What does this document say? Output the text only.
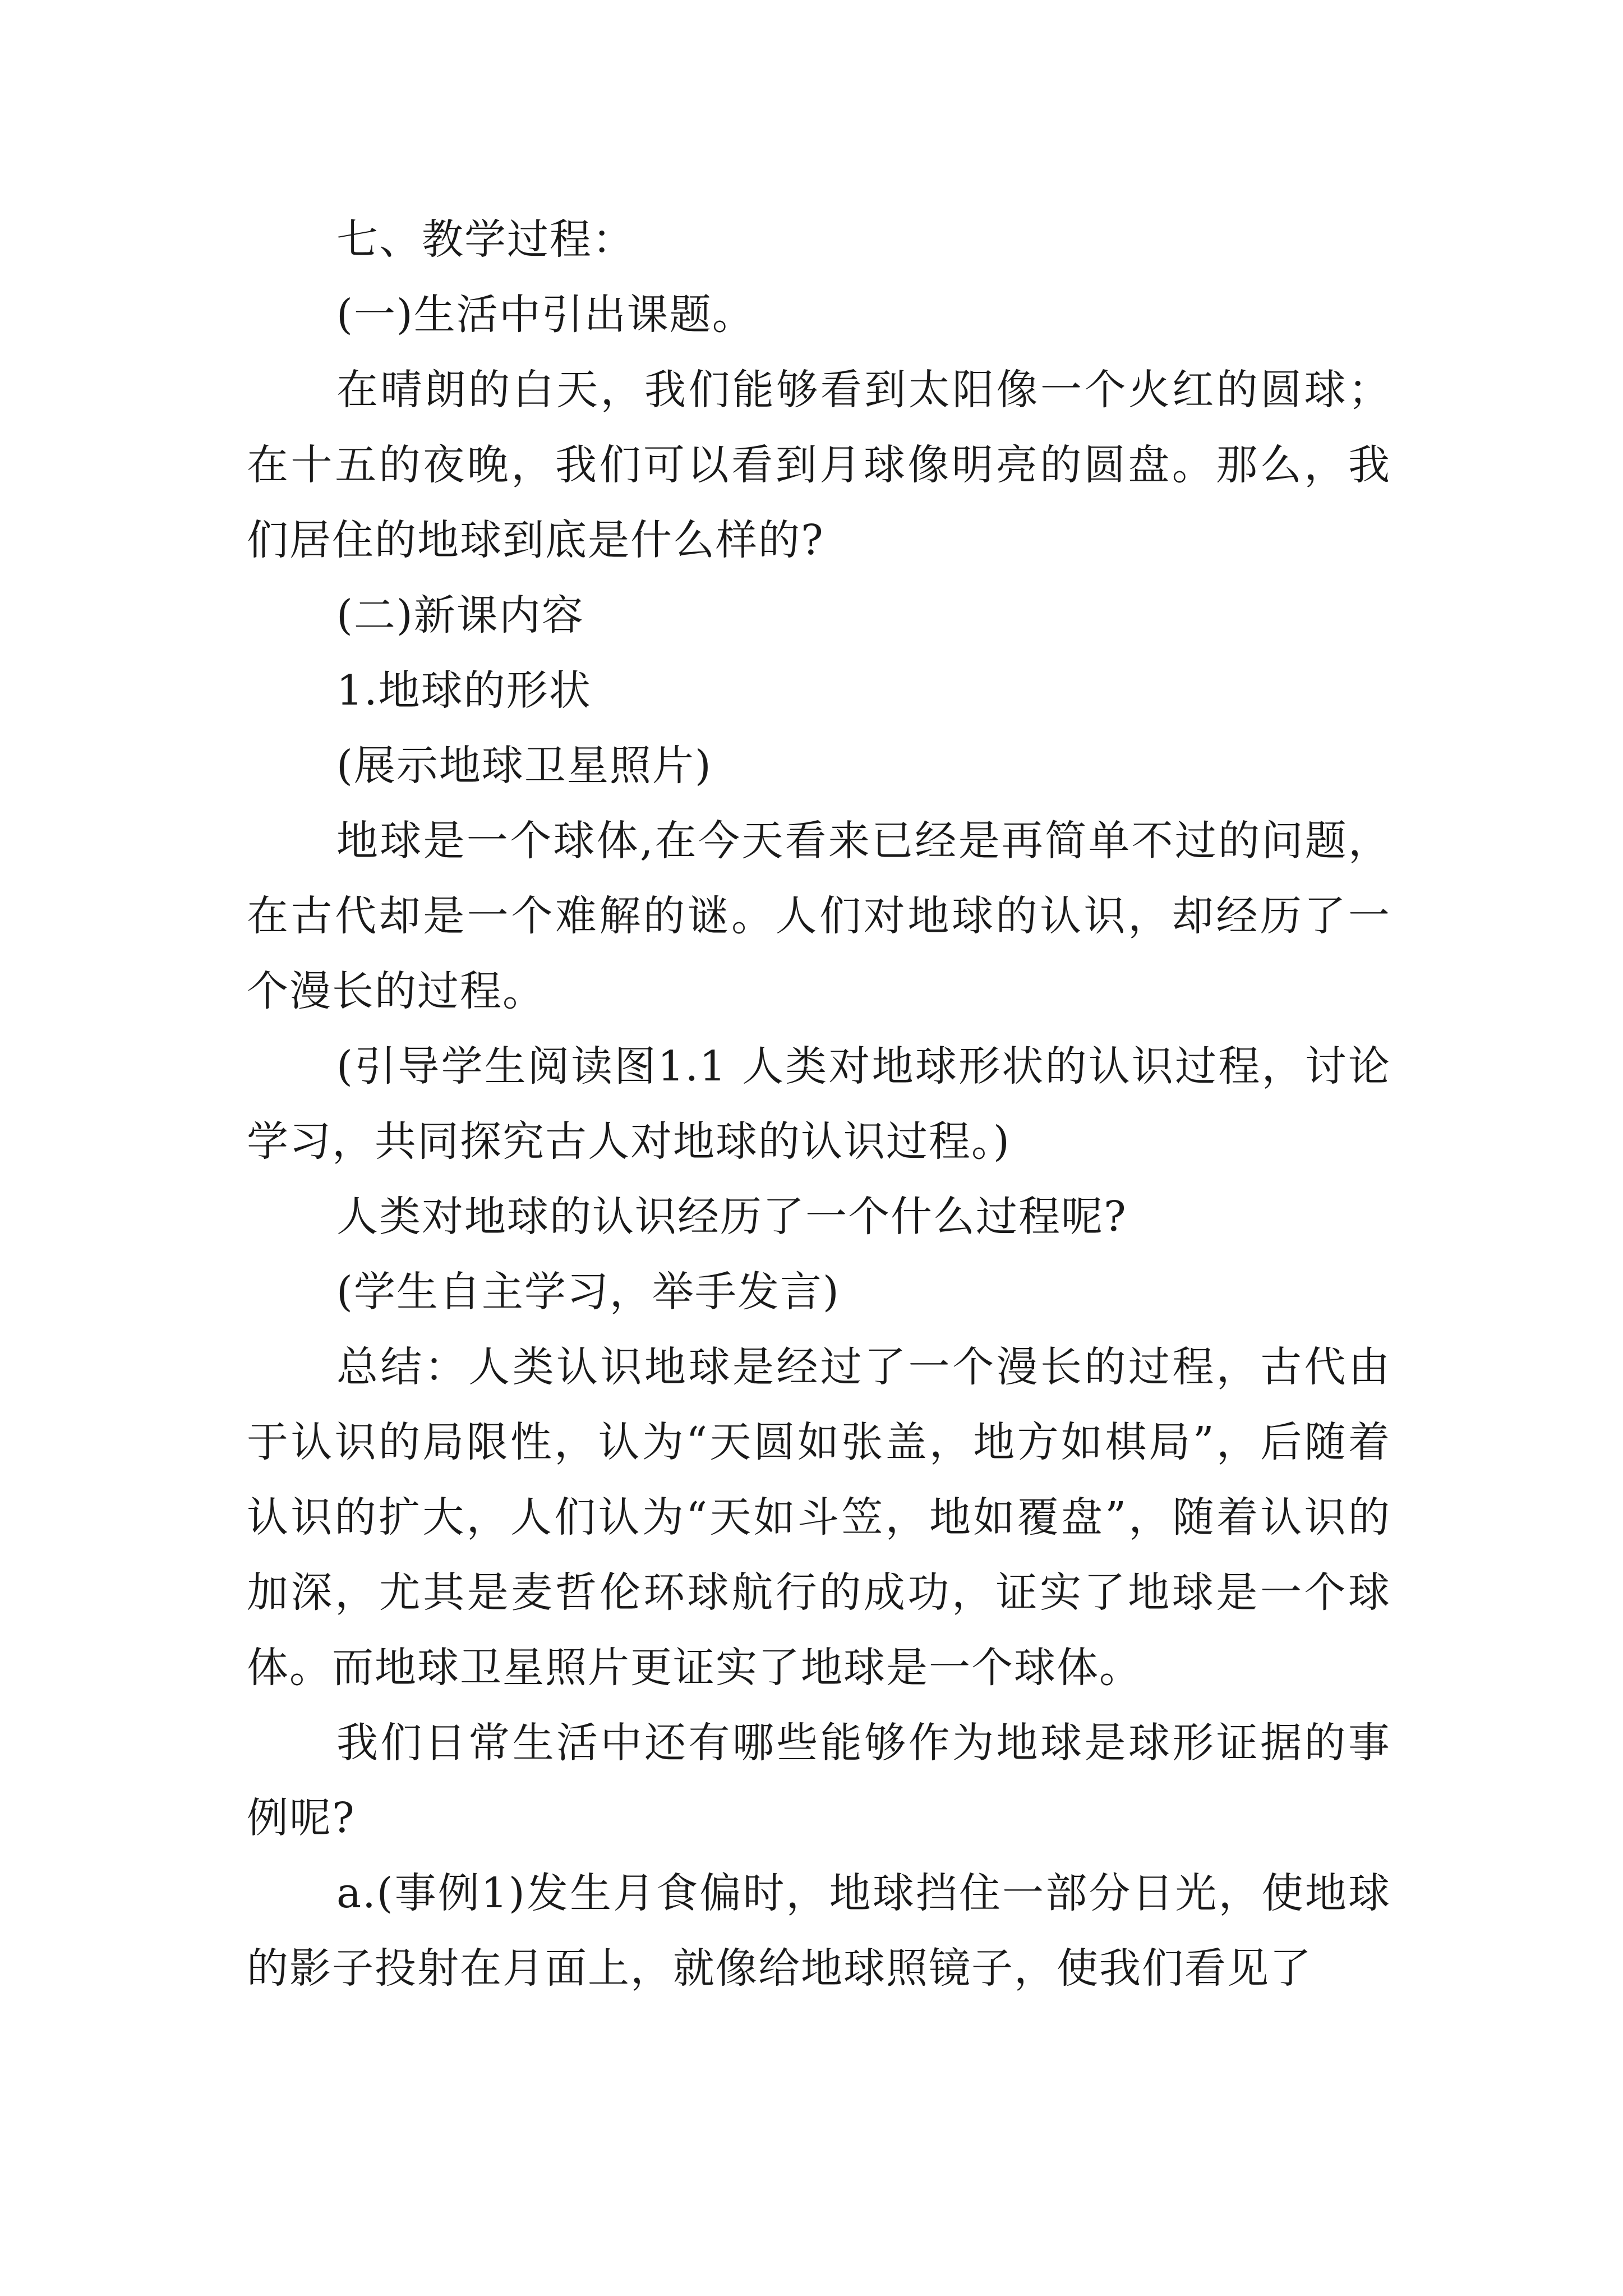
七、教学过程：

(一)生活中引出课题。

在晴朗的白天，我们能够看到太阳像一个火红的圆球；在十五的夜晚，我们可以看到月球像明亮的圆盘。那么，我们居住的地球到底是什么样的?

(二)新课内容

1.地球的形状

(展示地球卫星照片)

地球是一个球体,在今天看来已经是再简单不过的问题，在古代却是一个难解的谜。人们对地球的认识，却经历了一个漫长的过程。

(引导学生阅读图1.1 人类对地球形状的认识过程，讨论学习，共同探究古人对地球的认识过程。)

人类对地球的认识经历了一个什么过程呢?

(学生自主学习，举手发言)

总结：人类认识地球是经过了一个漫长的过程，古代由于认识的局限性，认为“天圆如张盖，地方如棋局”，后随着认识的扩大，人们认为“天如斗笠，地如覆盘”，随着认识的加深，尤其是麦哲伦环球航行的成功，证实了地球是一个球体。而地球卫星照片更证实了地球是一个球体。

我们日常生活中还有哪些能够作为地球是球形证据的事例呢?

a.(事例1)发生月食偏时，地球挡住一部分日光，使地球的影子投射在月面上，就像给地球照镜子，使我们看见了
